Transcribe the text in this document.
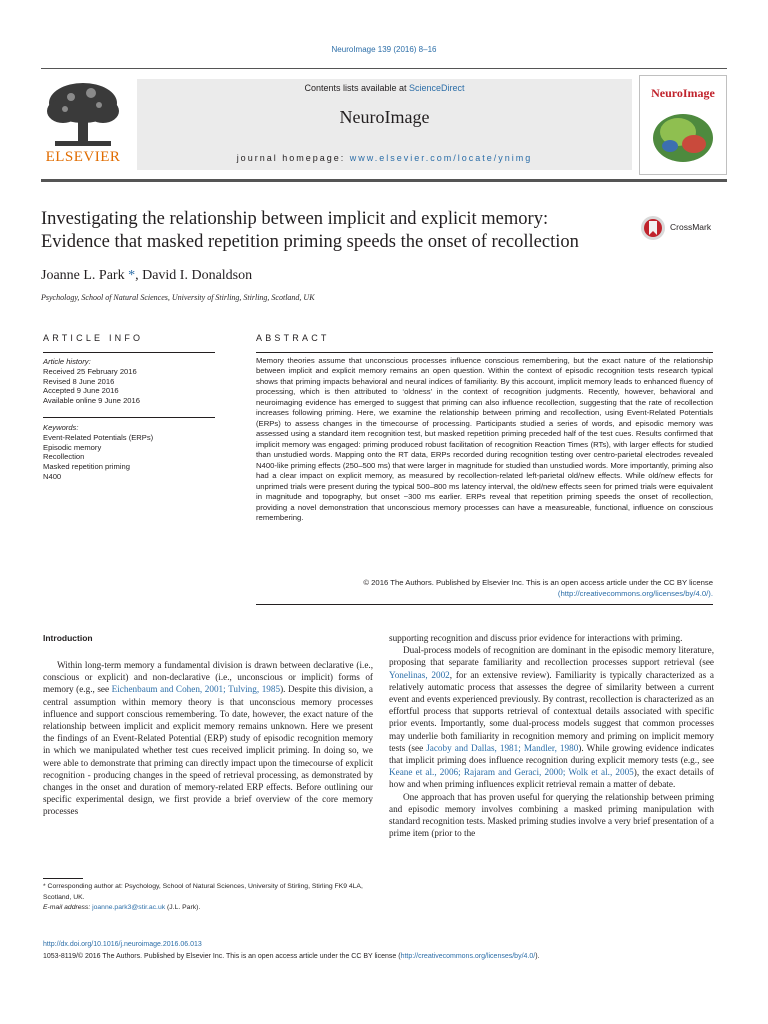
NeuroImage 139 (2016) 8–16
ELSEVIER
Contents lists available at ScienceDirect
NeuroImage
journal homepage: www.elsevier.com/locate/ynimg
NeuroImage
Investigating the relationship between implicit and explicit memory:
Evidence that masked repetition priming speeds the onset of recollection
CrossMark
Joanne L. Park *, David I. Donaldson
Psychology, School of Natural Sciences, University of Stirling, Stirling, Scotland, UK
ARTICLE INFO	ABSTRACT
Article history:
Received 25 February 2016
Revised 8 June 2016
Accepted 9 June 2016
Available online 9 June 2016
Keywords:
Event-Related Potentials (ERPs)
Episodic memory
Recollection
Masked repetition priming
N400
Memory theories assume that unconscious processes influence conscious remembering, but the exact nature of the relationship between implicit and explicit memory remains an open question. Within the context of episodic recognition tests research typical shows that priming impacts behavioral and neural indices of familiarity. By this account, implicit memory leads to enhanced fluency of processing, which is then attributed to ‘oldness’ in the context of recognition judgments. Recently, however, behavioral and neuroimaging evidence has emerged to suggest that priming can also influence recollection, suggesting that the rate of recollection increases following priming. Here, we examine the relationship between priming and recollection, using Event-Related Potentials (ERPs) to assess changes in the timecourse of processing. Participants studied a series of words, and episodic memory was assessed using a standard item recognition test, but masked repetition priming preceded half of the test cues. Results confirmed that implicit memory was engaged: priming produced robust facilitation of recognition Reaction Times (RTs), with larger effects for studied than unstudied words. Mapping onto the RT data, ERPs recorded during recognition testing over centro-parietal electrodes revealed N400-like priming effects (250–500 ms) that were larger in magnitude for studied than unstudied words. More importantly, priming also had a clear impact on explicit memory, as measured by recollection-related left-parietal old/new effects. While old/new effects for unprimed trials were present during the typical 500–800 ms latency interval, the old/new effects seen for primed trials were equivalent in magnitude and topography, but onset ~300 ms earlier. ERPs reveal that repetition priming speeds the onset of recollection, providing a novel demonstration that unconscious memory processes can have a measureable, functional, influence on conscious remembering.
© 2016 The Authors. Published by Elsevier Inc. This is an open access article under the CC BY license
(http://creativecommons.org/licenses/by/4.0/).
Introduction

Within long-term memory a fundamental division is drawn between declarative (i.e., conscious or explicit) and non-declarative (i.e., unconscious or implicit) forms of memory (e.g., see Eichenbaum and Cohen, 2001; Tulving, 1985). Despite this division, a central assumption within memory theory is that unconscious memory processes influence and support conscious remembering. To date, however, the exact nature of the relationship between implicit and explicit memory remains unknown. Here we present the findings of an Event-Related Potential (ERP) study of episodic recognition memory in which we manipulated whether test cues received implicit priming. In doing so, we were able to demonstrate that priming can directly impact upon the timecourse of explicit recognition - producing changes in the speed of retrieval processing, as demonstrated by changes in the onset and duration of memory-related ERP effects. Before outlining our specific experimental design, we first provide a brief overview of the core memory processes

supporting recognition and discuss prior evidence for interactions with priming.

Dual-process models of recognition are dominant in the episodic memory literature, proposing that separate familiarity and recollection processes support retrieval (see Yonelinas, 2002, for an extensive review). Familiarity is typically characterized as a relatively automatic process that assesses the degree of similarity between a current event and events experienced previously. By contrast, recollection is characterized as an effortful process that supports retrieval of contextual details associated with specific prior events. Importantly, some dual-process models suggest that common processes may underlie both familiarity in recognition memory and priming on implicit memory tests (see Jacoby and Dallas, 1981; Mandler, 1980). While growing evidence indicates that implicit priming does influence recognition during explicit memory tests (e.g., see Keane et al., 2006; Rajaram and Geraci, 2000; Wolk et al., 2005), the exact details of how and when priming influences explicit retrieval remain a matter of debate.

One approach that has proven useful for querying the relationship between priming and episodic memory involves combining a masked priming manipulation with standard recognition tests. Masked priming studies involve a very brief presentation of a prime item (prior to the

* Corresponding author at: Psychology, School of Natural Sciences, University of Stirling, Stirling FK9 4LA, Scotland, UK.
E-mail address: joanne.park3@stir.ac.uk (J.L. Park).
http://dx.doi.org/10.1016/j.neuroimage.2016.06.013
1053-8119/© 2016 The Authors. Published by Elsevier Inc. This is an open access article under the CC BY license (http://creativecommons.org/licenses/by/4.0/).
